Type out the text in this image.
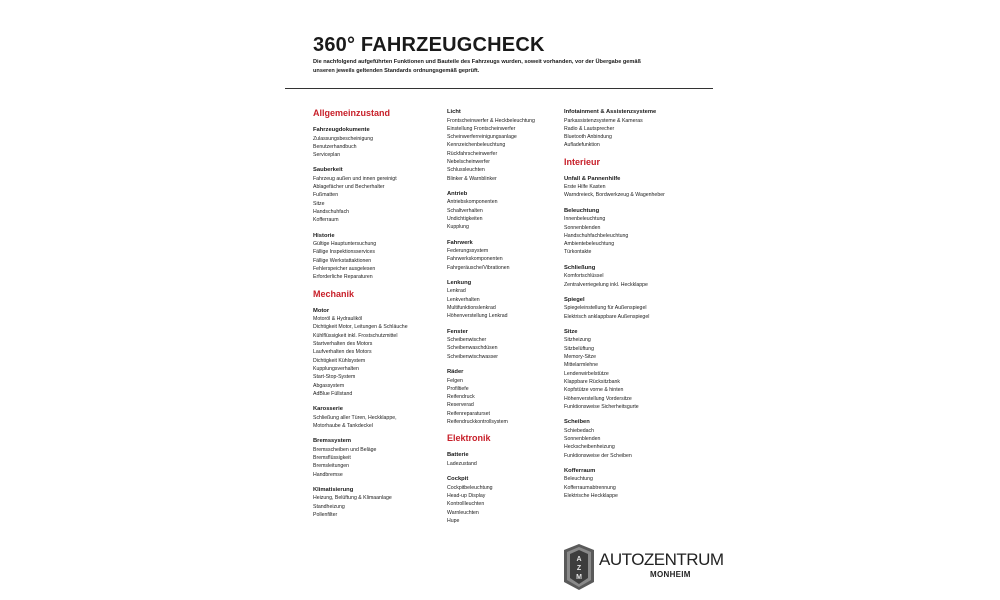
360° FAHRZEUGCHECK
Die nachfolgend aufgeführten Funktionen und Bauteile des Fahrzeugs wurden, soweit vorhanden, vor der Übergabe gemäß unseren jeweils geltenden Standards ordnungsgemäß geprüft.
Allgemeinzustand
Fahrzeugdokumente
Zulassungsbescheinigung
Benutzerhandbuch
Serviceplan
Sauberkeit
Fahrzeug außen und innen gereinigt
Ablagefächer und Becherhalter
Fußmatten
Sitze
Handschuhfach
Kofferraum
Historie
Gültige Hauptuntersuchung
Fällige Inspektionsservices
Fällige Werkstattaktionen
Fehlerspeicher ausgelesen
Erforderliche Reparaturen
Mechanik
Motor
Motoröl & Hydrauliköl
Dichtigkeit Motor, Leitungen & Schläuche
Kühlflüssigkeit inkl. Frostschutzmittel
Startverhalten des Motors
Laufverhalten des Motors
Dichtigkeit Kühlsystem
Kupplungsverhalten
Start-Stop-System
Abgassystem
AdBlue Füllstand
Karosserie
Schließung aller Türen, Heckklappe,
Motorhaube & Tankdeckel
Bremssystem
Bremsscheiben und Beläge
Bremsflüssigkeit
Bremsleitungen
Handbremse
Klimatisierung
Heizung, Belüftung & Klimaanlage
Standheizung
Pollenfilter
Licht
Frontscheinwerfer & Heckbeleuchtung
Einstellung Frontscheinwerfer
Scheinwerferreinigungsanlage
Kennzeichenbeleuchtung
Rückfahrscheinwerfer
Nebelscheinwerfer
Schlussleuchten
Blinker & Warnblinker
Antrieb
Antriebskomponenten
Schaltverhalten
Undichtigkeiten
Kupplung
Fahrwerk
Federungssystem
Fahrwerkskomponenten
Fahrgeräusche/Vibrationen
Lenkung
Lenkrad
Lenkverhalten
Multifunktionslenkrad
Höhenverstellung Lenkrad
Fenster
Scheibenwischer
Scheibenwaschdüsen
Scheibenwischwasser
Räder
Felgen
Profiltiefe
Reifendruck
Reserverad
Reifenreparaturset
Reifendruckkontrollsystem
Elektronik
Batterie
Ladezustand
Cockpit
Cockpitbeleuchtung
Head-up Display
Kontrollleuchten
Warnleuchten
Hupe
Infotainment & Assistenzsysteme
Parkassistenzsysteme & Kameras
Radio & Lautsprecher
Bluetooth Anbindung
Aufladefunktion
Interieur
Unfall & Pannenhilfe
Erste Hilfe Kasten
Warndreieck, Bordwerkzeug & Wagenheber
Beleuchtung
Innenbeleuchtung
Sonnenblenden
Handschuhfachbeleuchtung
Ambientebeleuchtung
Türkontakte
Schließung
Komfortschlüssel
Zentralverriegelung inkl. Heckklappe
Spiegel
Spiegeleinstellung für Außenspiegel
Elektrisch anklappbare Außenspiegel
Sitze
Sitzheizung
Sitzbelüftung
Memory-Sitze
Mittelarmlehne
Lendenwirbelstütze
Klappbare Rücksitzbank
Kopfstütze vorne & hinten
Höhenverstellung Vordersitze
Funktionsweise Sicherheitsgurte
Scheiben
Schiebedach
Sonnenblenden
Heckscheibenheizung
Funktionsweise der Scheiben
Kofferraum
Beleuchtung
Kofferraumabtrennung
Elektrische Heckklappe
A
Z
M
AUTOZENTRUM
MONHEIM
